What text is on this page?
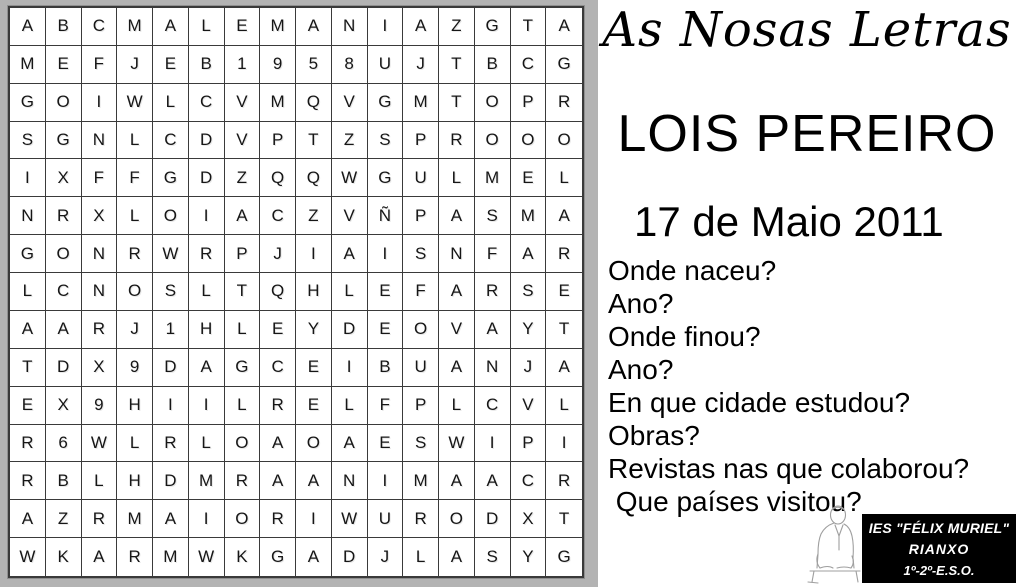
A	B	C	M	A	L	E	M	A	N	I	A	Z	G	T	A
M	E	F	J	E	B	1	9	5	8	U	J	T	B	C	G
G	O	I	W	L	C	V	M	Q	V	G	M	T	O	P	R
S	G	N	L	C	D	V	P	T	Z	S	P	R	O	O	O
I	X	F	F	G	D	Z	Q	Q	W	G	U	L	M	E	L
N	R	X	L	O	I	A	C	Z	V	Ñ	P	A	S	M	A
G	O	N	R	W	R	P	J	I	A	I	S	N	F	A	R
L	C	N	O	S	L	T	Q	H	L	E	F	A	R	S	E
A	A	R	J	1	H	L	E	Y	D	E	O	V	A	Y	T
T	D	X	9	D	A	G	C	E	I	B	U	A	N	J	A
E	X	9	H	I	I	L	R	E	L	F	P	L	C	V	L
R	6	W	L	R	L	O	A	O	A	E	S	W	I	P	I
R	B	L	H	D	M	R	A	A	N	I	M	A	A	C	R
A	Z	R	M	A	I	O	R	I	W	U	R	O	D	X	T
W	K	A	R	M	W	K	G	A	D	J	L	A	S	Y	G
As Nosas Letras
LOIS PEREIRO
17 de Maio 2011
Onde naceu?
Ano?
Onde finou?
Ano?
En que cidade estudou?
Obras?
Revistas nas que colaborou?
Que países visitou?
IES "FÉLIX MURIEL"
RIANXO
1º-2º-E.S.O.
